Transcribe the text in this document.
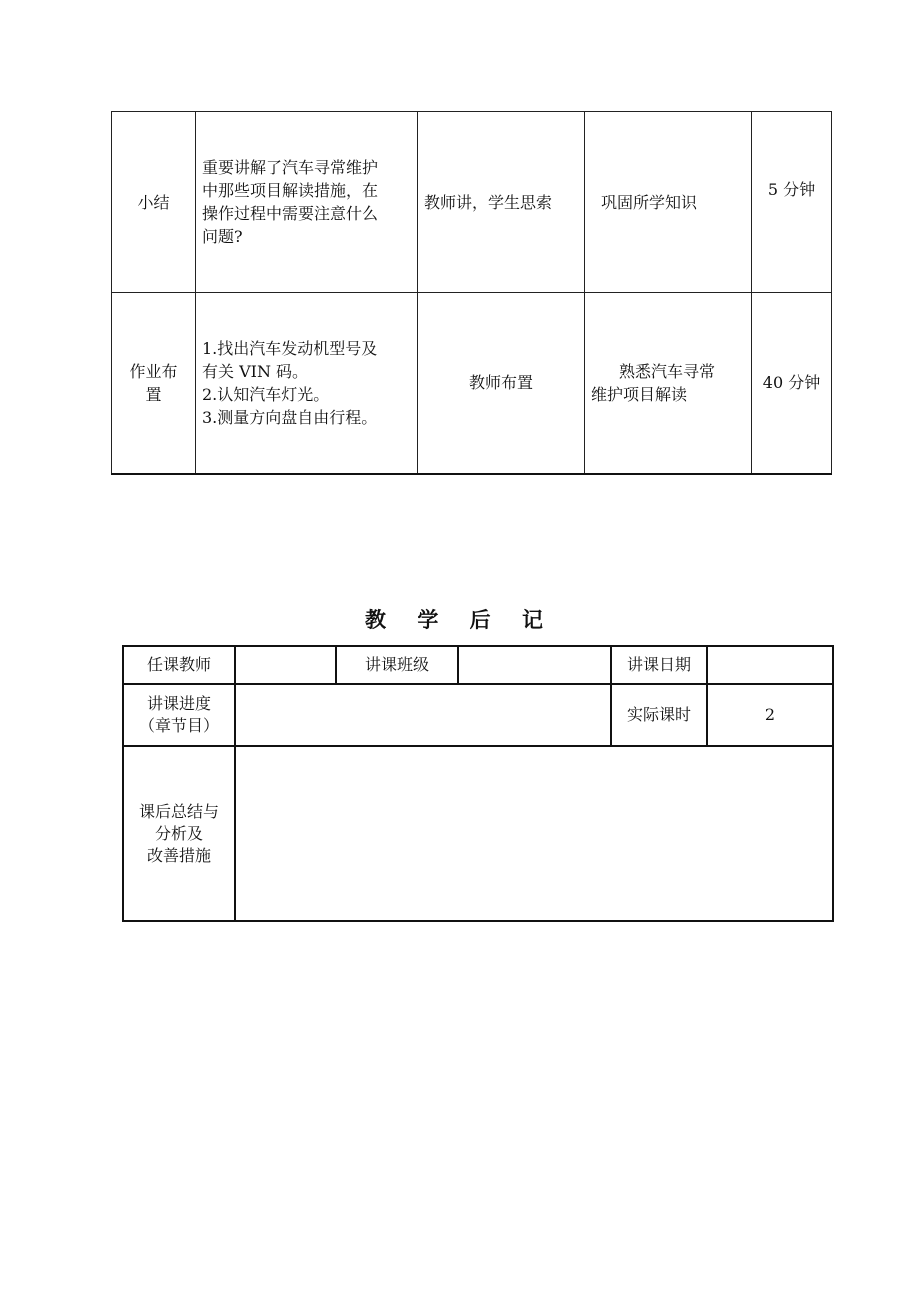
小结	重要讲解了汽车寻常维护
中那些项目解读措施，在
操作过程中需要注意什么
问题?	教师讲，学生思索	巩固所学知识	5 分钟

作业布
置	1.找出汽车发动机型号及
有关 VIN 码。
2.认知汽车灯光。
3.测量方向盘自由行程。	教师布置	熟悉汽车寻常
维护项目解读	40 分钟
教 学 后 记
任课教师		讲课班级		讲课日期	

讲课进度
（章节目）				实际课时	2

课后总结与
分析及
改善措施					
